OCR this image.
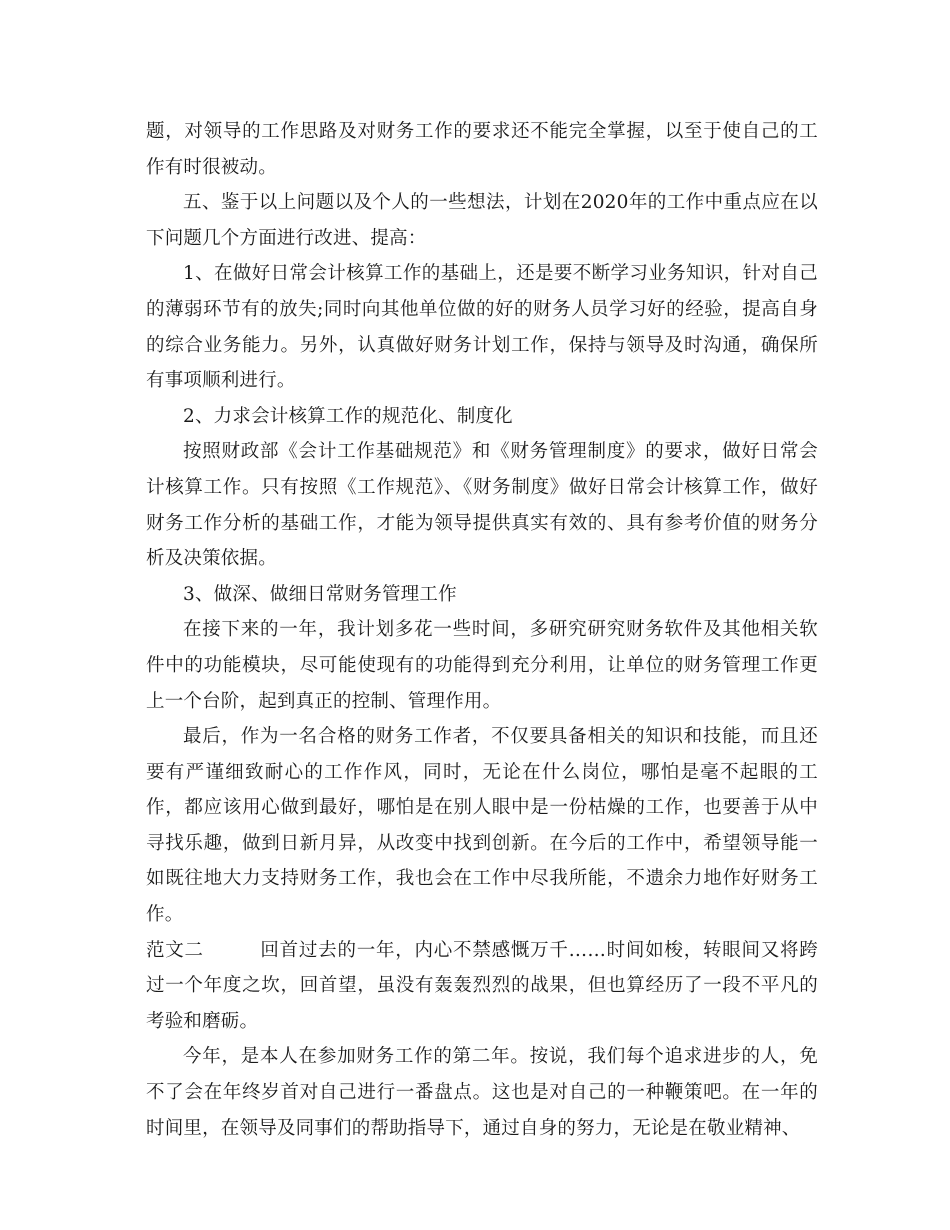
题，对领导的工作思路及对财务工作的要求还不能完全掌握，以至于使自己的工作有时很被动。

五、鉴于以上问题以及个人的一些想法，计划在2020年的工作中重点应在以下问题几个方面进行改进、提高：

1、在做好日常会计核算工作的基础上，还是要不断学习业务知识，针对自己的薄弱环节有的放失;同时向其他单位做的好的财务人员学习好的经验，提高自身的综合业务能力。另外，认真做好财务计划工作，保持与领导及时沟通，确保所有事项顺利进行。

2、力求会计核算工作的规范化、制度化

按照财政部《会计工作基础规范》和《财务管理制度》的要求，做好日常会计核算工作。只有按照《工作规范》、《财务制度》做好日常会计核算工作，做好财务工作分析的基础工作，才能为领导提供真实有效的、具有参考价值的财务分析及决策依据。

3、做深、做细日常财务管理工作

在接下来的一年，我计划多花一些时间，多研究研究财务软件及其他相关软件中的功能模块，尽可能使现有的功能得到充分利用，让单位的财务管理工作更上一个台阶，起到真正的控制、管理作用。

最后，作为一名合格的财务工作者，不仅要具备相关的知识和技能，而且还要有严谨细致耐心的工作作风，同时，无论在什么岗位，哪怕是毫不起眼的工作，都应该用心做到最好，哪怕是在别人眼中是一份枯燥的工作，也要善于从中寻找乐趣，做到日新月异，从改变中找到创新。在今后的工作中，希望领导能一如既往地大力支持财务工作，我也会在工作中尽我所能，不遗余力地作好财务工作。

范文二	回首过去的一年，内心不禁感慨万千……时间如梭，转眼间又将跨过一个年度之坎，回首望，虽没有轰轰烈烈的战果，但也算经历了一段不平凡的考验和磨砺。

今年，是本人在参加财务工作的第二年。按说，我们每个追求进步的人，免不了会在年终岁首对自己进行一番盘点。这也是对自己的一种鞭策吧。在一年的时间里，在领导及同事们的帮助指导下，通过自身的努力，无论是在敬业精神、
